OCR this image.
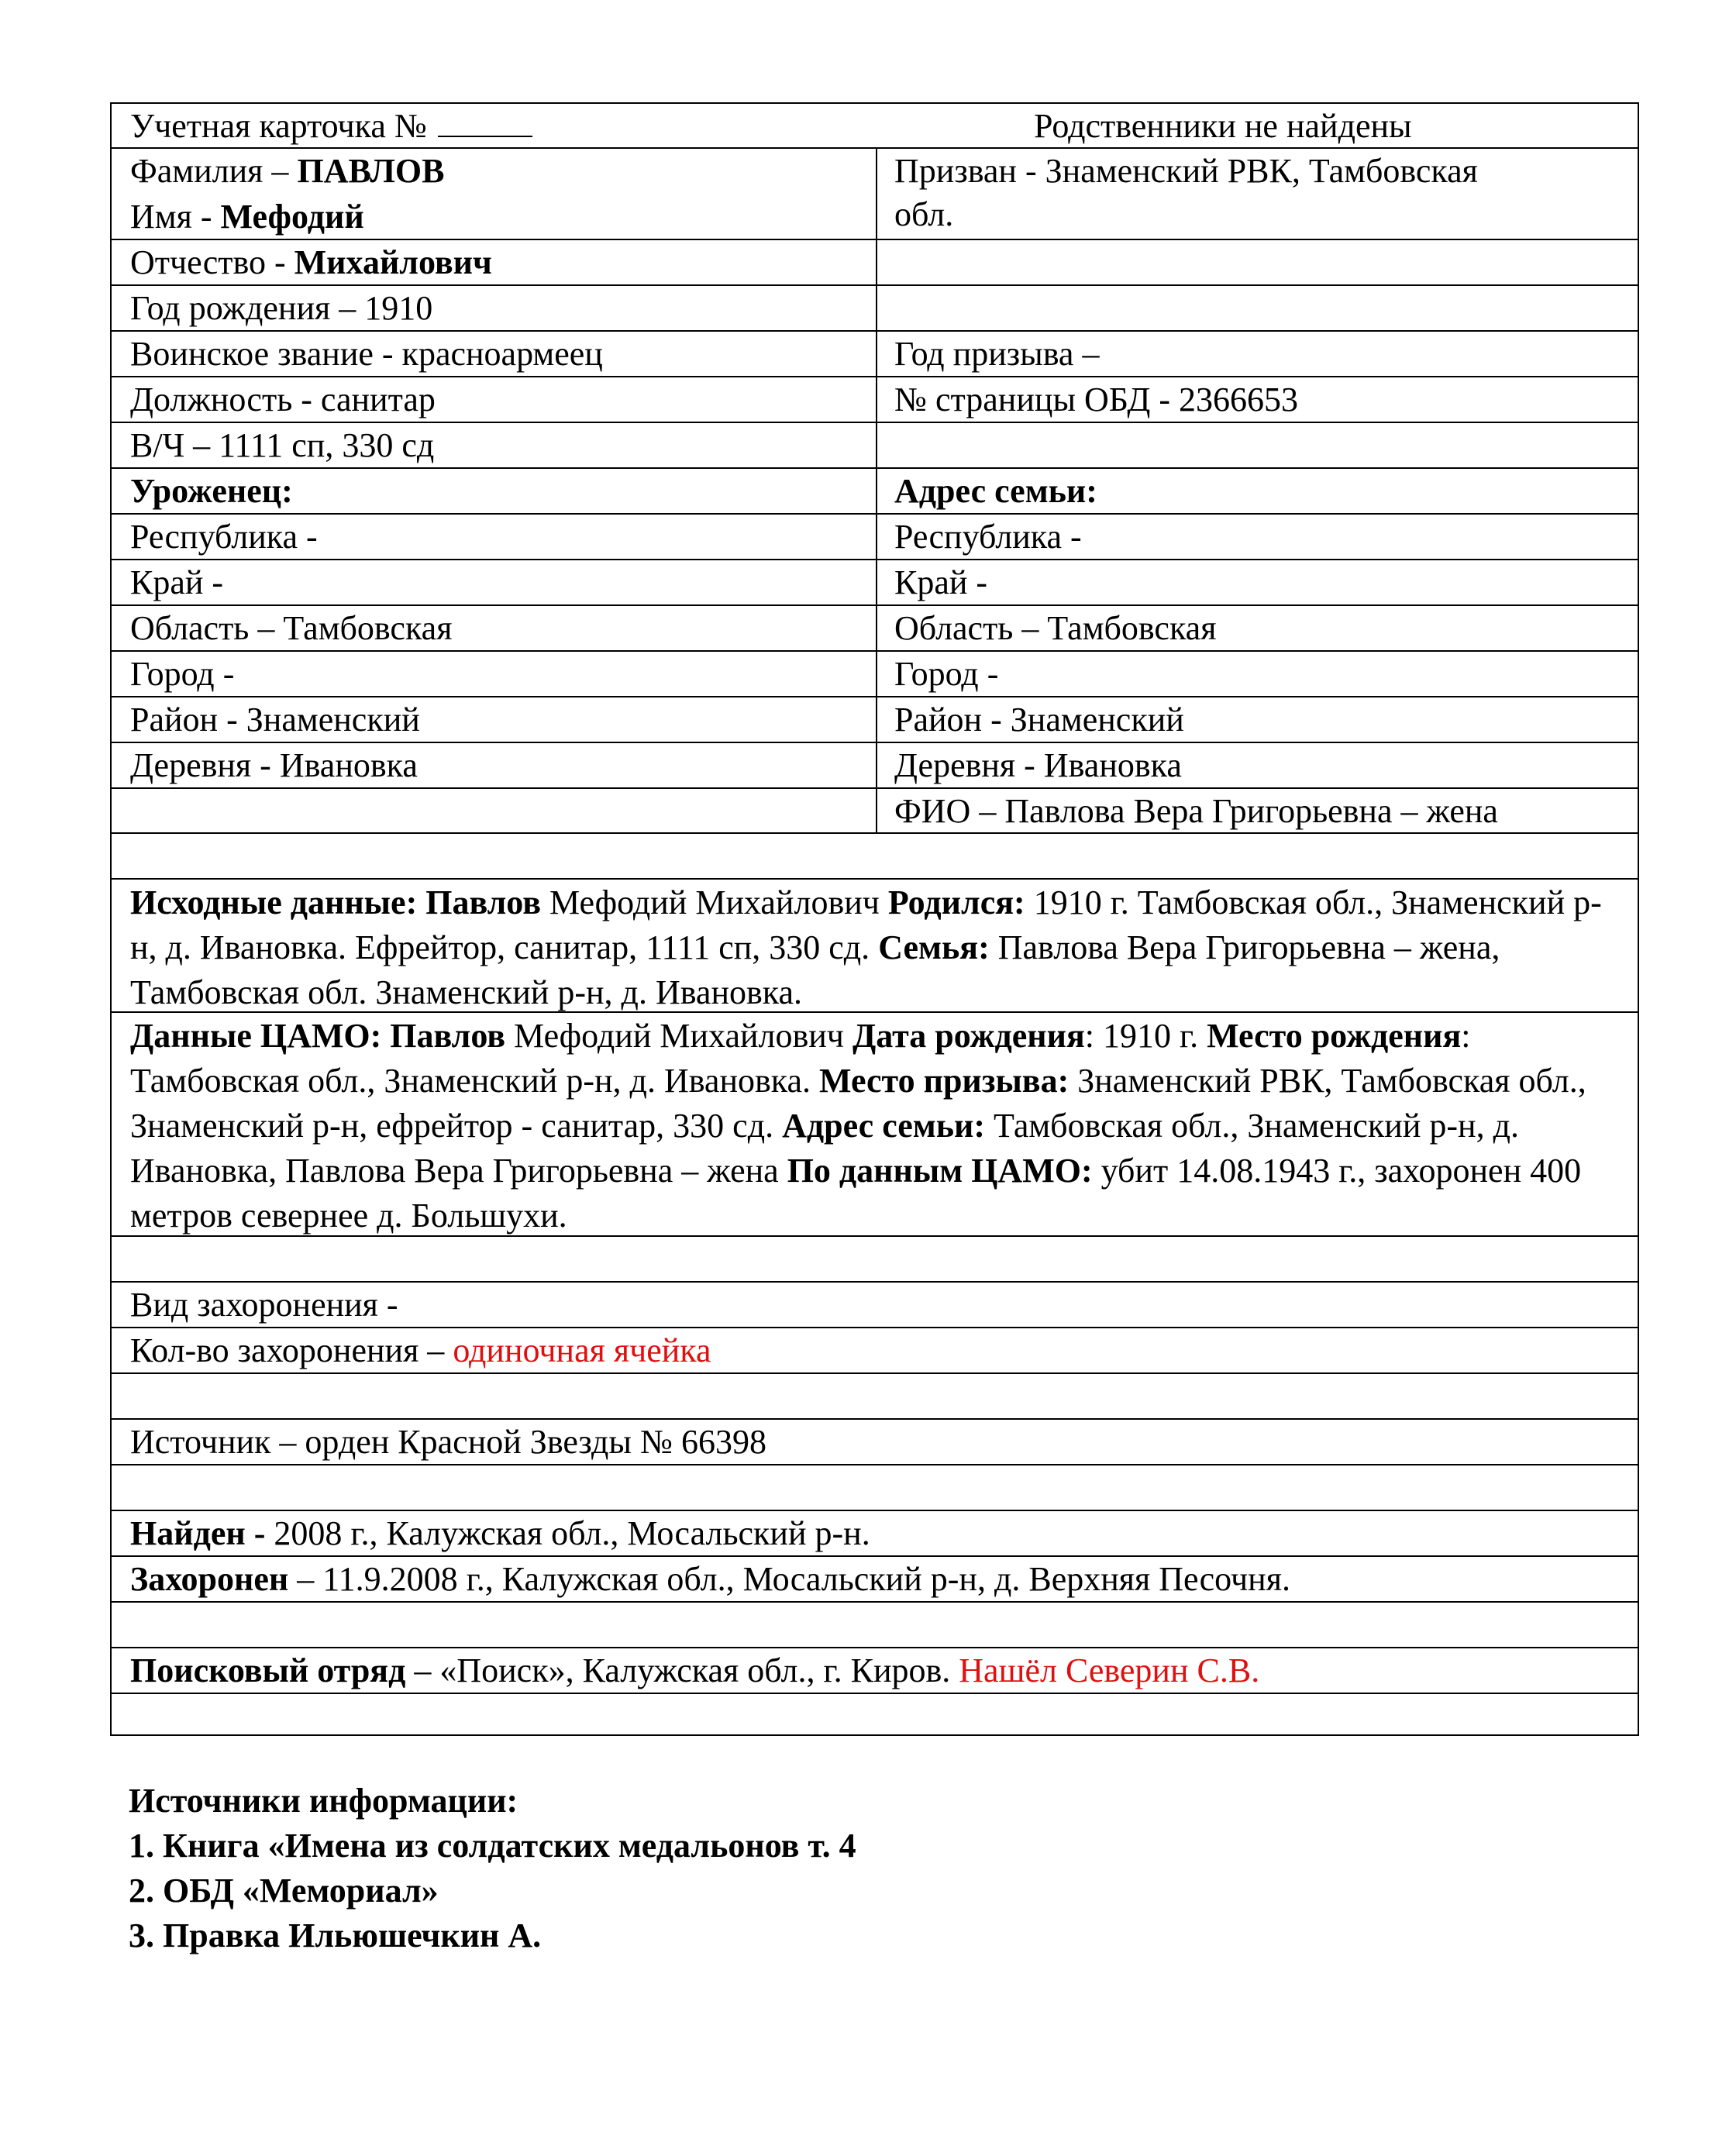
Учетная карточка №	Родственники не найдены
Фамилия – ПАВЛОВ
Имя - Мефодий
Отчество - Михайлович
Год рождения – 1910
Воинское звание - красноармеец
Должность - санитар
В/Ч – 1111 сп, 330 сд
Уроженец:
Республика -
Край -
Область – Тамбовская
Город -
Район - Знаменский
Деревня - Ивановка
Призван - Знаменский РВК, Тамбовская
обл.
Год призыва –
№ страницы ОБД - 2366653
Адрес семьи:
Республика -
Край -
Область – Тамбовская
Город -
Район - Знаменский
Деревня - Ивановка
ФИО – Павлова Вера Григорьевна – жена
Исходные данные: Павлов Мефодий Михайлович Родился: 1910 г. Тамбовская обл., Знаменский р-н, д. Ивановка. Ефрейтор, санитар, 1111 сп, 330 сд. Семья: Павлова Вера Григорьевна – жена, Тамбовская обл. Знаменский р-н, д. Ивановка.
Данные ЦАМО: Павлов Мефодий Михайлович Дата рождения: 1910 г. Место рождения: Тамбовская обл., Знаменский р-н, д. Ивановка. Место призыва: Знаменский РВК, Тамбовская обл., Знаменский р-н, ефрейтор - санитар, 330 сд. Адрес семьи: Тамбовская обл., Знаменский р-н, д. Ивановка, Павлова Вера Григорьевна – жена По данным ЦАМО: убит 14.08.1943 г., захоронен 400 метров севернее д. Большухи.
Вид захоронения -
Кол-во захоронения – одиночная ячейка
Источник – орден Красной Звезды № 66398
Найден - 2008 г., Калужская обл., Мосальский р-н.
Захоронен – 11.9.2008 г., Калужская обл., Мосальский р-н, д. Верхняя Песочня.
Поисковый отряд – «Поиск», Калужская обл., г. Киров. Нашёл Северин С.В.
Источники информации:
1. Книга «Имена из солдатских медальонов т. 4
2. ОБД «Мемориал»
3. Правка Ильюшечкин А.
